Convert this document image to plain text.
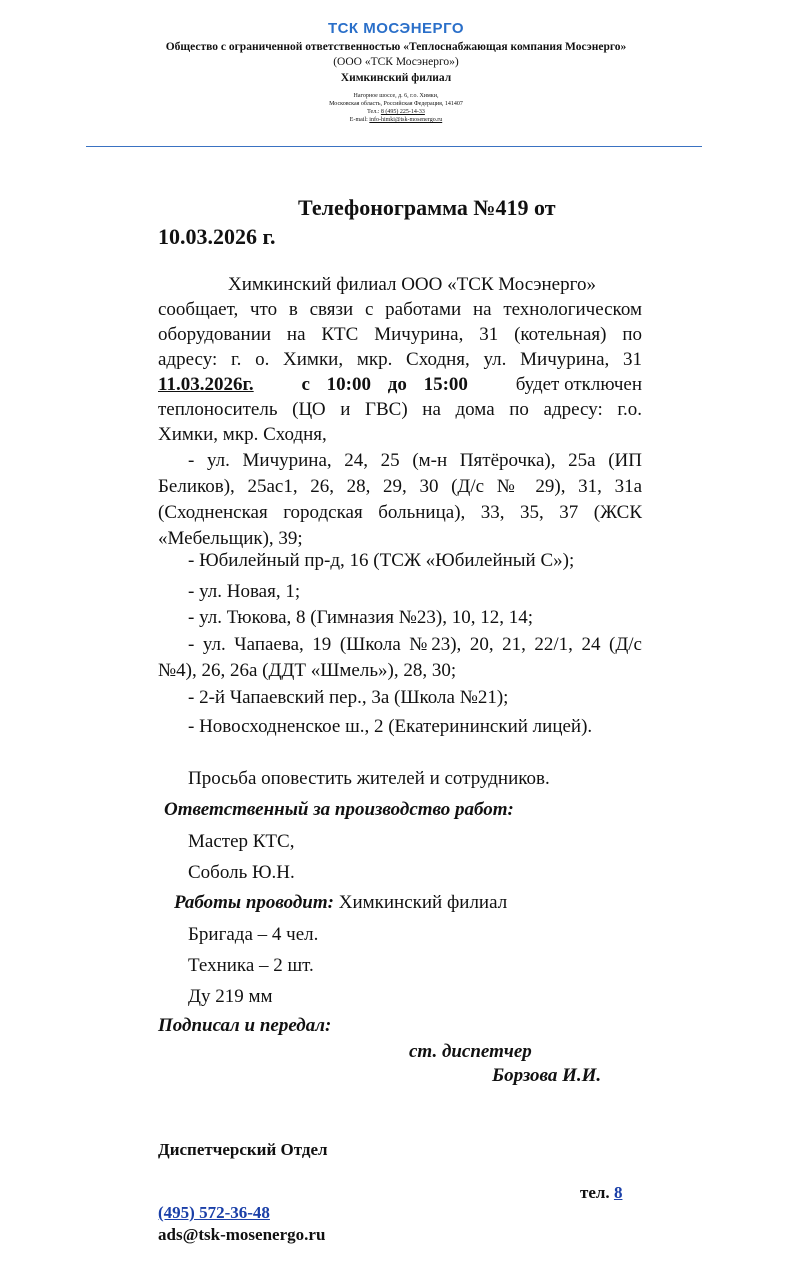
ТСК МОСЭНЕРГО
Общество с ограниченной ответственностью «Теплоснабжающая компания Мосэнерго»
(ООО «ТСК Мосэнерго»)
Химкинский филиал
Нагорное шоссе, д. 6, г.о. Химки,
Московская область, Российская Федерация, 141407
Тел.: 8 (495) 225-14-33
E-mail: info-himki@tsk-mosenergo.ru
Телефонограмма №419 от
10.03.2026 г.
Химкинский филиал ООО «ТСК Мосэнерго»
сообщает, что в связи с работами на технологическом
оборудовании на КТС Мичурина, 31 (котельная) по
адресу: г. о. Химки, мкр. Сходня, ул. Мичурина, 31
11.03.2026г.	с 10:00 до 15:00	будет отключен
теплоноситель (ЦО и ГВС) на дома по адресу: г.о.
Химки, мкр. Сходня,
- ул. Мичурина, 24, 25 (м-н Пятёрочка), 25а (ИП
Беликов), 25ас1, 26, 28, 29, 30 (Д/с № 29), 31, 31а
(Сходненская городская больница), 33, 35, 37 (ЖСК
«Мебельщик), 39;
- Юбилейный пр-д, 16 (ТСЖ «Юбилейный С»);
- ул. Новая, 1;
- ул. Тюкова, 8 (Гимназия №23), 10, 12, 14;
- ул. Чапаева, 19 (Школа №23), 20, 21, 22/1, 24 (Д/с
№4), 26, 26а (ДДТ «Шмель»), 28, 30;
- 2-й Чапаевский пер., 3а (Школа №21);
- Новосходненское ш., 2 (Екатерининский лицей).
Просьба оповестить жителей и сотрудников.
Ответственный за производство работ:
Мастер КТС,
Соболь Ю.Н.
Работы проводит: Химкинский филиал
Бригада – 4 чел.
Техника – 2 шт.
Ду 219 мм
Подписал и передал:
ст. диспетчер
Борзова И.И.
Диспетчерский Отдел
тел. 8
(495) 572-36-48
ads@tsk-mosenergo.ru
